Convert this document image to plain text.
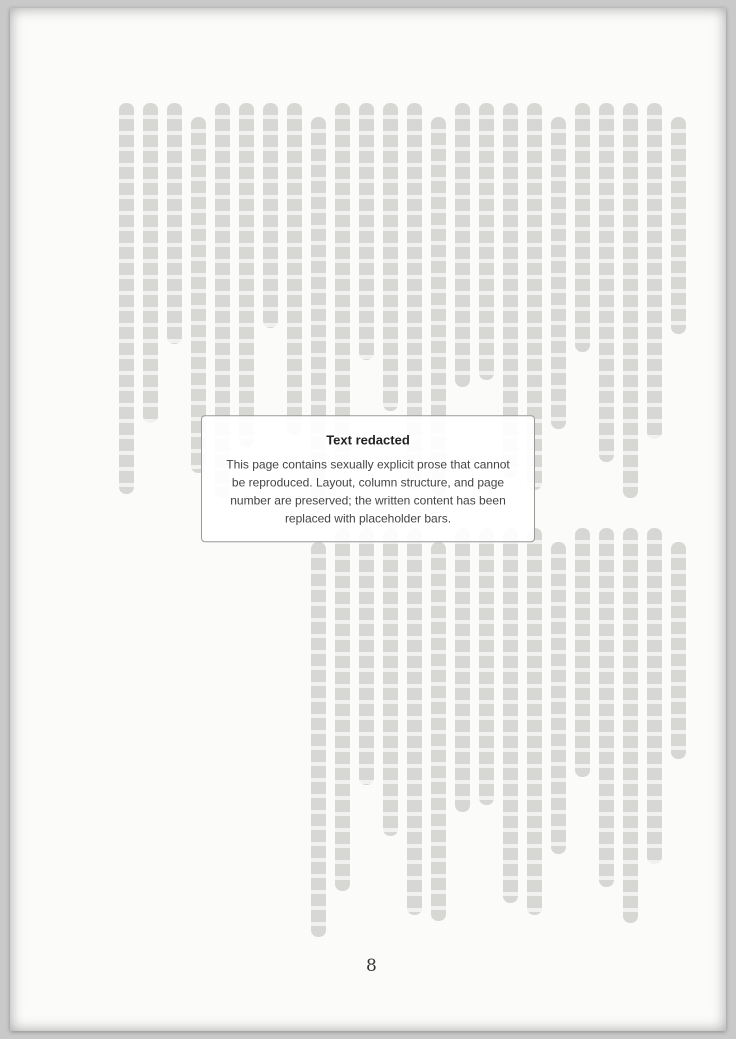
Text redacted
This page contains sexually explicit prose that cannot be reproduced. Layout, column structure, and page number are preserved; the written content has been replaced with placeholder bars.
8
